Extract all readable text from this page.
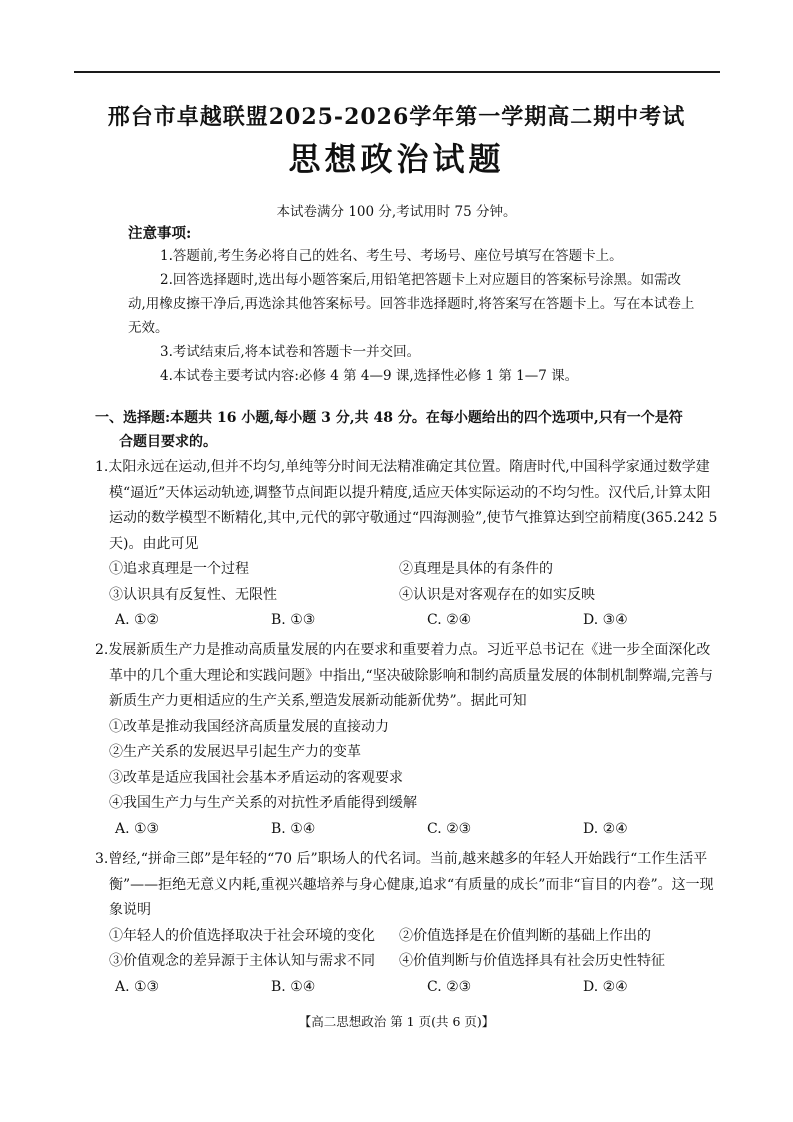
邢台市卓越联盟2025-2026学年第一学期高二期中考试
思想政治试题
本试卷满分 100 分,考试用时 75 分钟。
注意事项:
1.答题前,考生务必将自己的姓名、考生号、考场号、座位号填写在答题卡上。
2.回答选择题时,选出每小题答案后,用铅笔把答题卡上对应题目的答案标号涂黑。如需改动,用橡皮擦干净后,再选涂其他答案标号。回答非选择题时,将答案写在答题卡上。写在本试卷上无效。
3.考试结束后,将本试卷和答题卡一并交回。
4.本试卷主要考试内容:必修 4 第 4—9 课,选择性必修 1 第 1—7 课。
一、选择题:本题共 16 小题,每小题 3 分,共 48 分。在每小题给出的四个选项中,只有一个是符
合题目要求的。
1.太阳永远在运动,但并不均匀,单纯等分时间无法精准确定其位置。隋唐时代,中国科学家通过数学建模“逼近”天体运动轨迹,调整节点间距以提升精度,适应天体实际运动的不均匀性。汉代后,计算太阳运动的数学模型不断精化,其中,元代的郭守敬通过“四海测验”,使节气推算达到空前精度(365.242 5 天)。由此可见
①追求真理是一个过程	②真理是具体的有条件的
③认识具有反复性、无限性	④认识是对客观存在的如实反映
A. ①②	B. ①③	C. ②④	D. ③④
2.发展新质生产力是推动高质量发展的内在要求和重要着力点。习近平总书记在《进一步全面深化改革中的几个重大理论和实践问题》中指出,“坚决破除影响和制约高质量发展的体制机制弊端,完善与新质生产力更相适应的生产关系,塑造发展新动能新优势”。据此可知
①改革是推动我国经济高质量发展的直接动力
②生产关系的发展迟早引起生产力的变革
③改革是适应我国社会基本矛盾运动的客观要求
④我国生产力与生产关系的对抗性矛盾能得到缓解
A. ①③	B. ①④	C. ②③	D. ②④
3.曾经,“拼命三郎”是年轻的“70 后”职场人的代名词。当前,越来越多的年轻人开始践行“工作生活平衡”——拒绝无意义内耗,重视兴趣培养与身心健康,追求“有质量的成长”而非“盲目的内卷”。这一现象说明
①年轻人的价值选择取决于社会环境的变化	②价值选择是在价值判断的基础上作出的
③价值观念的差异源于主体认知与需求不同	④价值判断与价值选择具有社会历史性特征
A. ①③	B. ①④	C. ②③	D. ②④
【高二思想政治 第 1 页(共 6 页)】
